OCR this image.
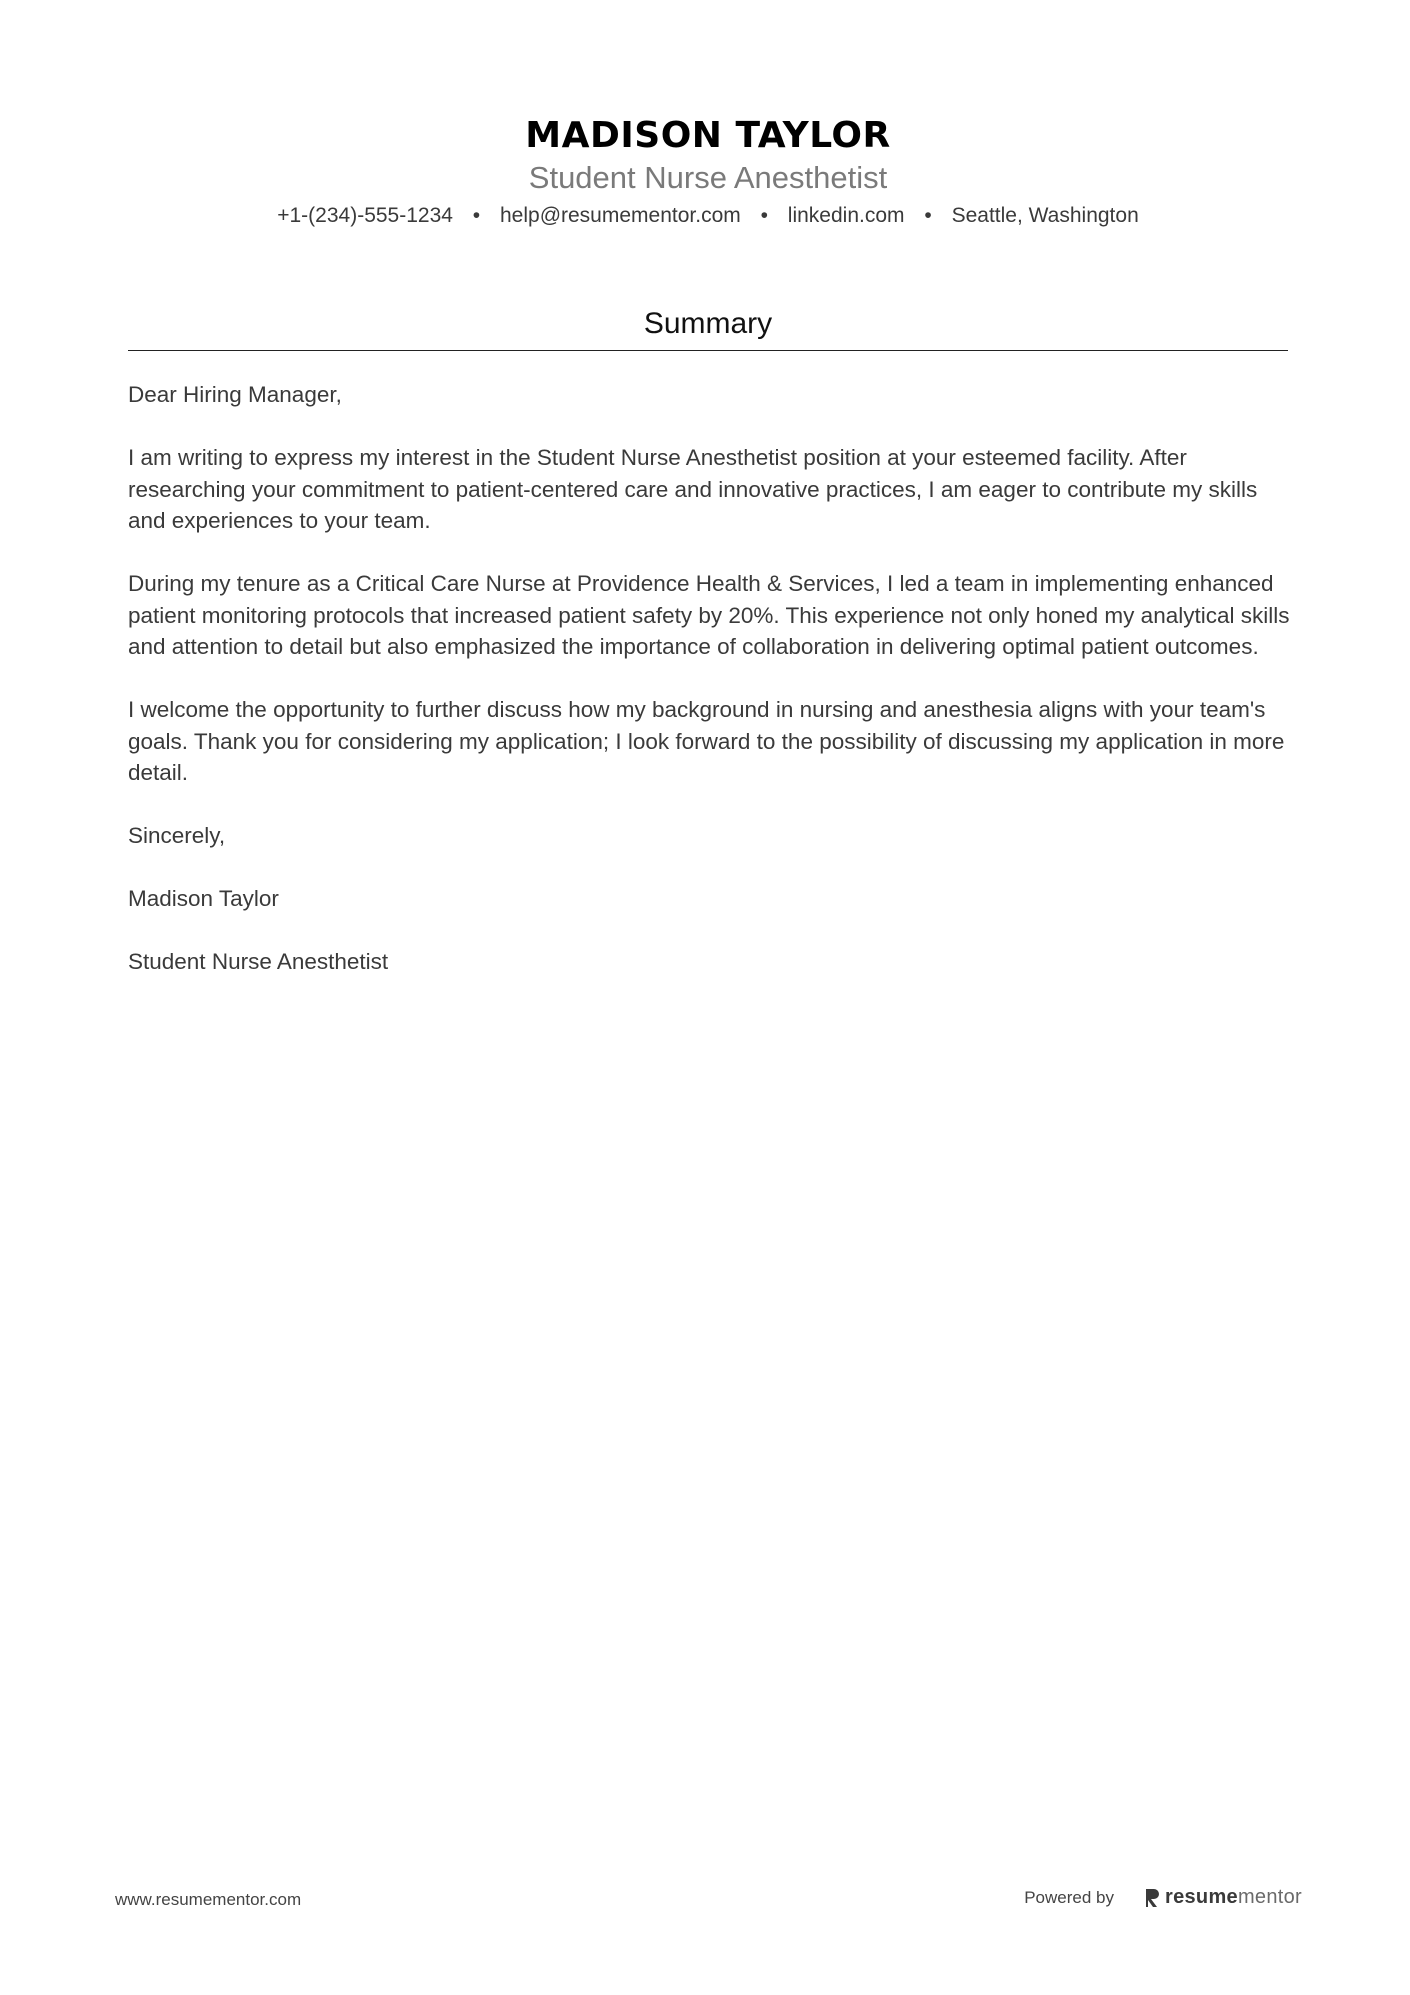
MADISON TAYLOR
Student Nurse Anesthetist
+1-(234)-555-1234 • help@resumementor.com • linkedin.com • Seattle, Washington
Summary

Dear Hiring Manager,

I am writing to express my interest in the Student Nurse Anesthetist position at your esteemed facility. After researching your commitment to patient-centered care and innovative practices, I am eager to contribute my skills and experiences to your team.

During my tenure as a Critical Care Nurse at Providence Health & Services, I led a team in implementing enhanced patient monitoring protocols that increased patient safety by 20%. This experience not only honed my analytical skills and attention to detail but also emphasized the importance of collaboration in delivering optimal patient outcomes.

I welcome the opportunity to further discuss how my background in nursing and anesthesia aligns with your team's goals. Thank you for considering my application; I look forward to the possibility of discussing my application in more detail.

Sincerely,

Madison Taylor

Student Nurse Anesthetist

www.resumementor.com	Powered by	resume mentor
